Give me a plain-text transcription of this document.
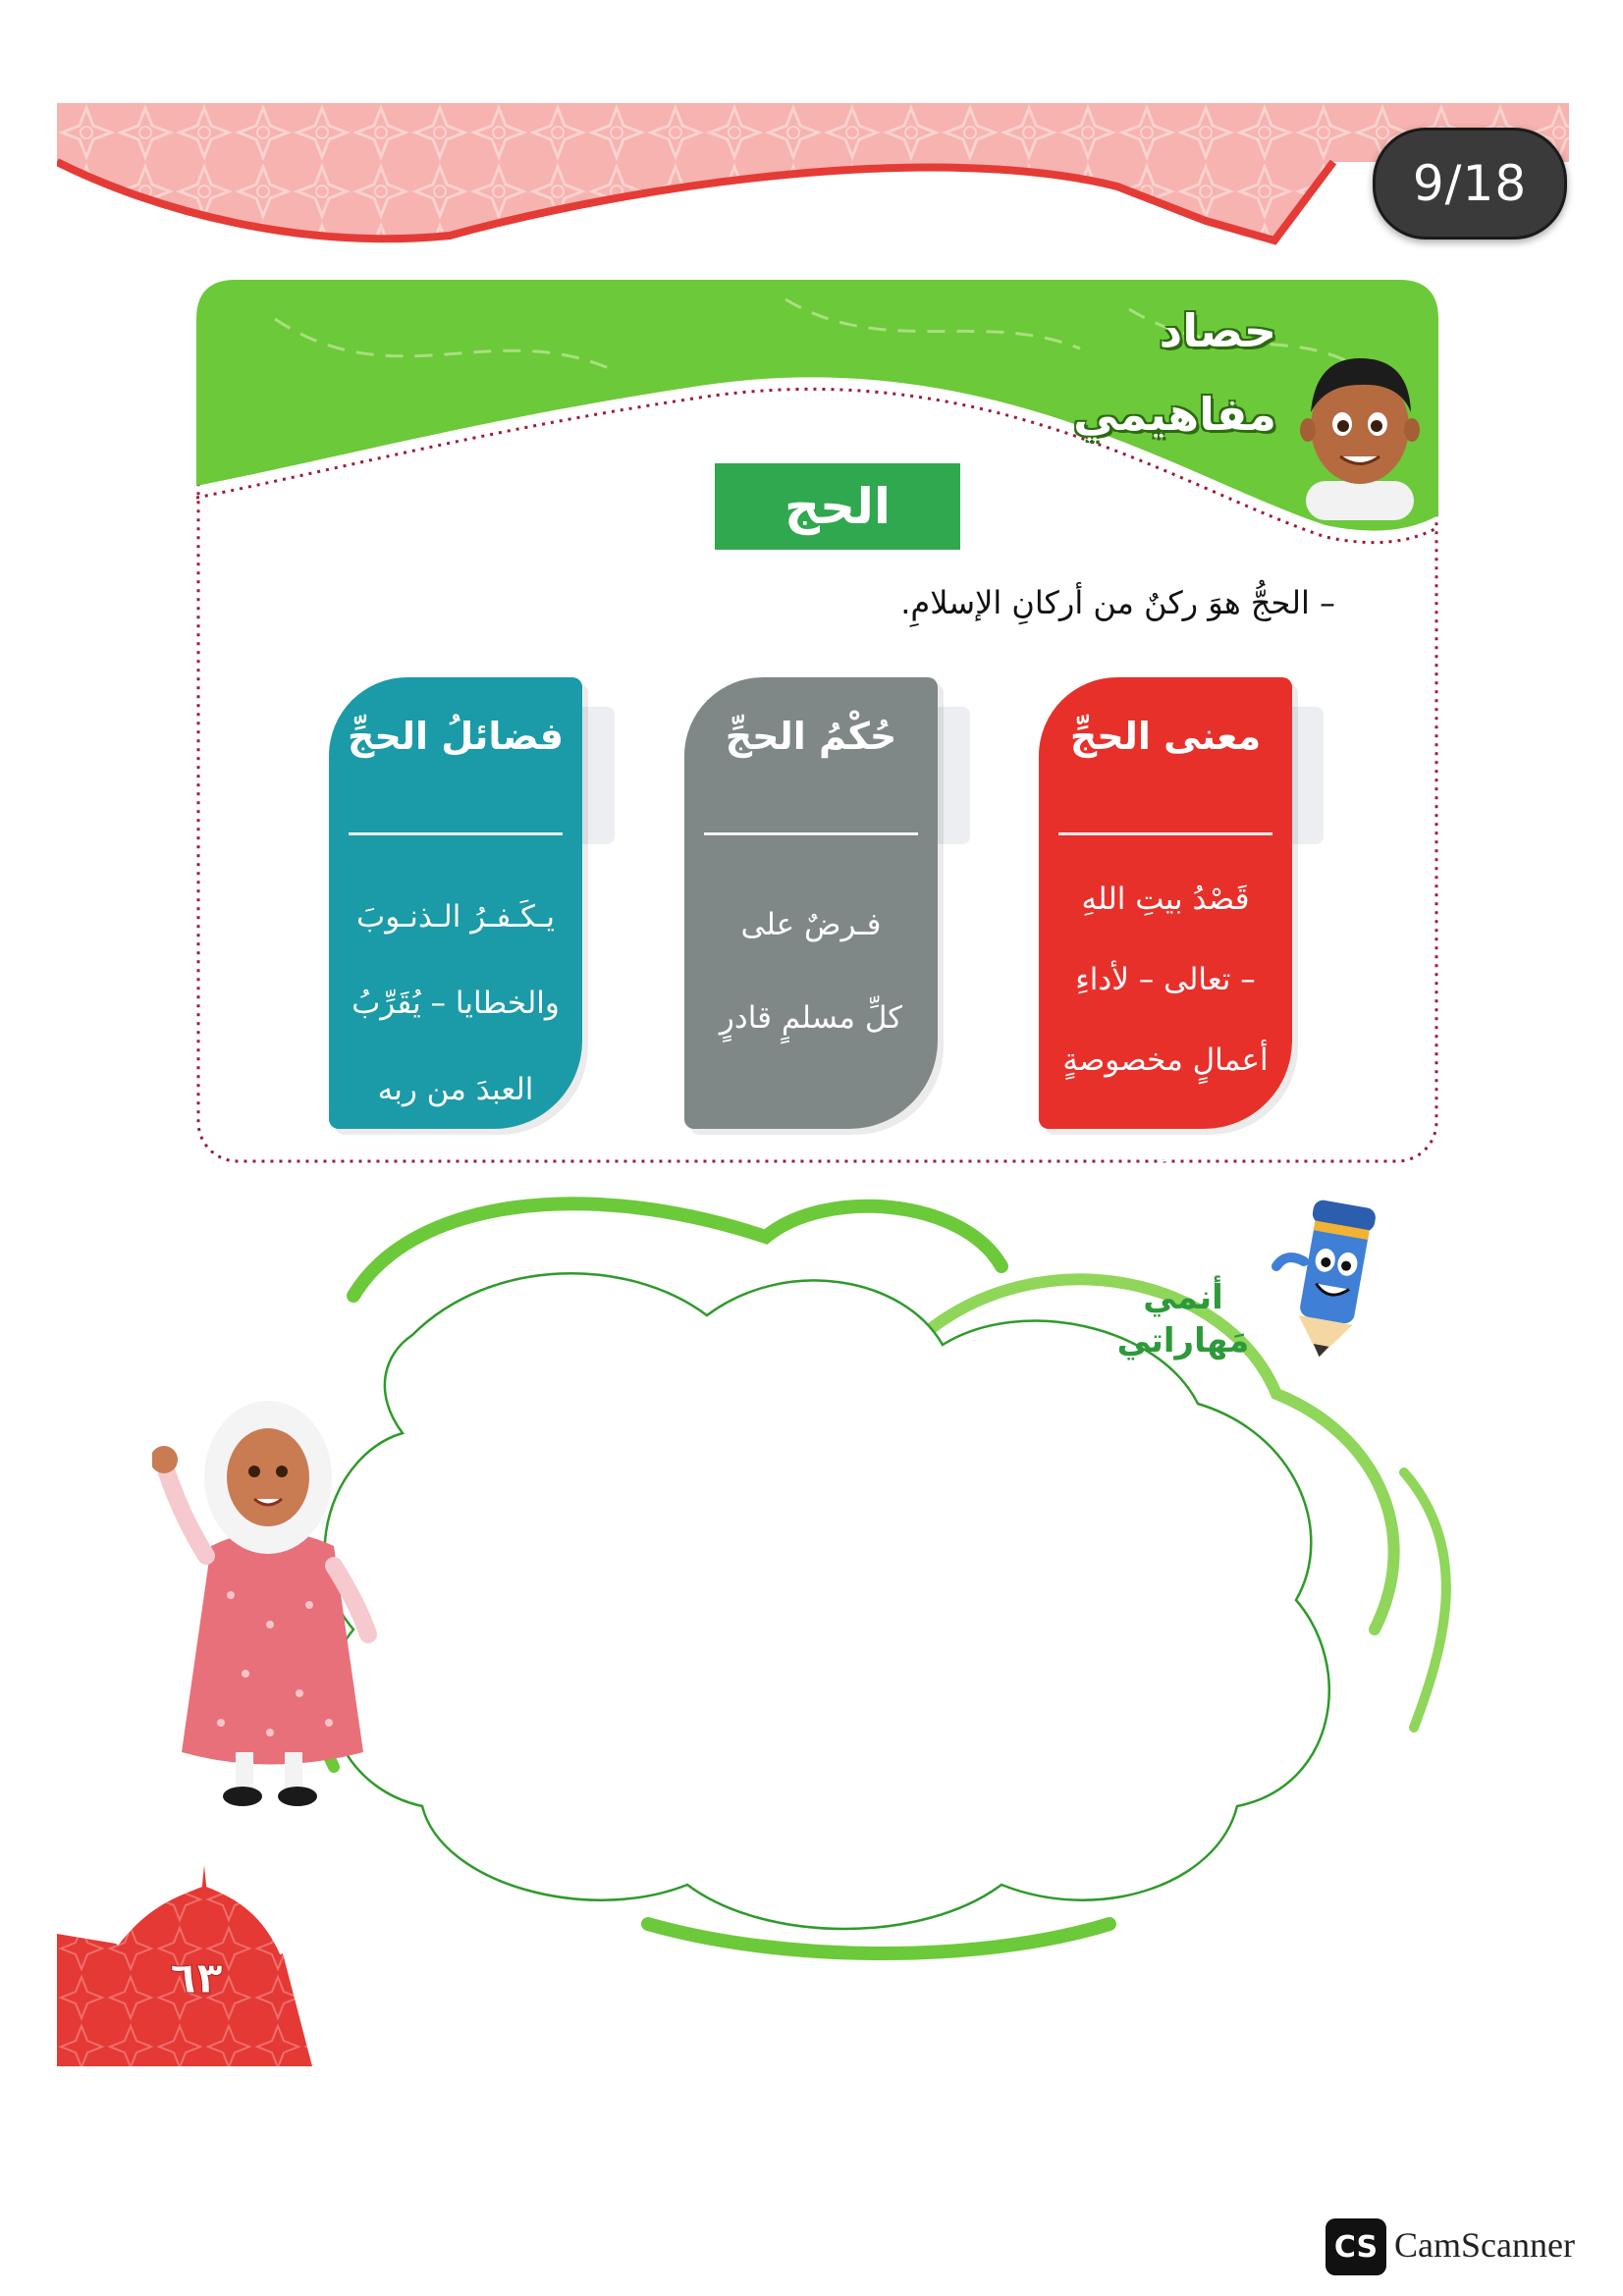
9/18
حصاد
مفاهيمي
الحج
– الحجُّ هوَ ركنٌ من أركانِ الإسلامِ.
معنى الحجِّ
قَصْدُ بيتِ اللهِ
– تعالى – لأداءِ
أعمالٍ مخصوصةٍ
في زمنٍ محددٍ
حُكْمُ الحجِّ
فـرضٌ على
كلِّ مسلمٍ قادرٍ
فضائلُ الحجِّ
يـكَـفـرُ الـذنـوبَ
والخطايا – يُقَرِّبُ
العبدَ من ربه
أنمي
مَهاراتي
٦٣
CS CamScanner
